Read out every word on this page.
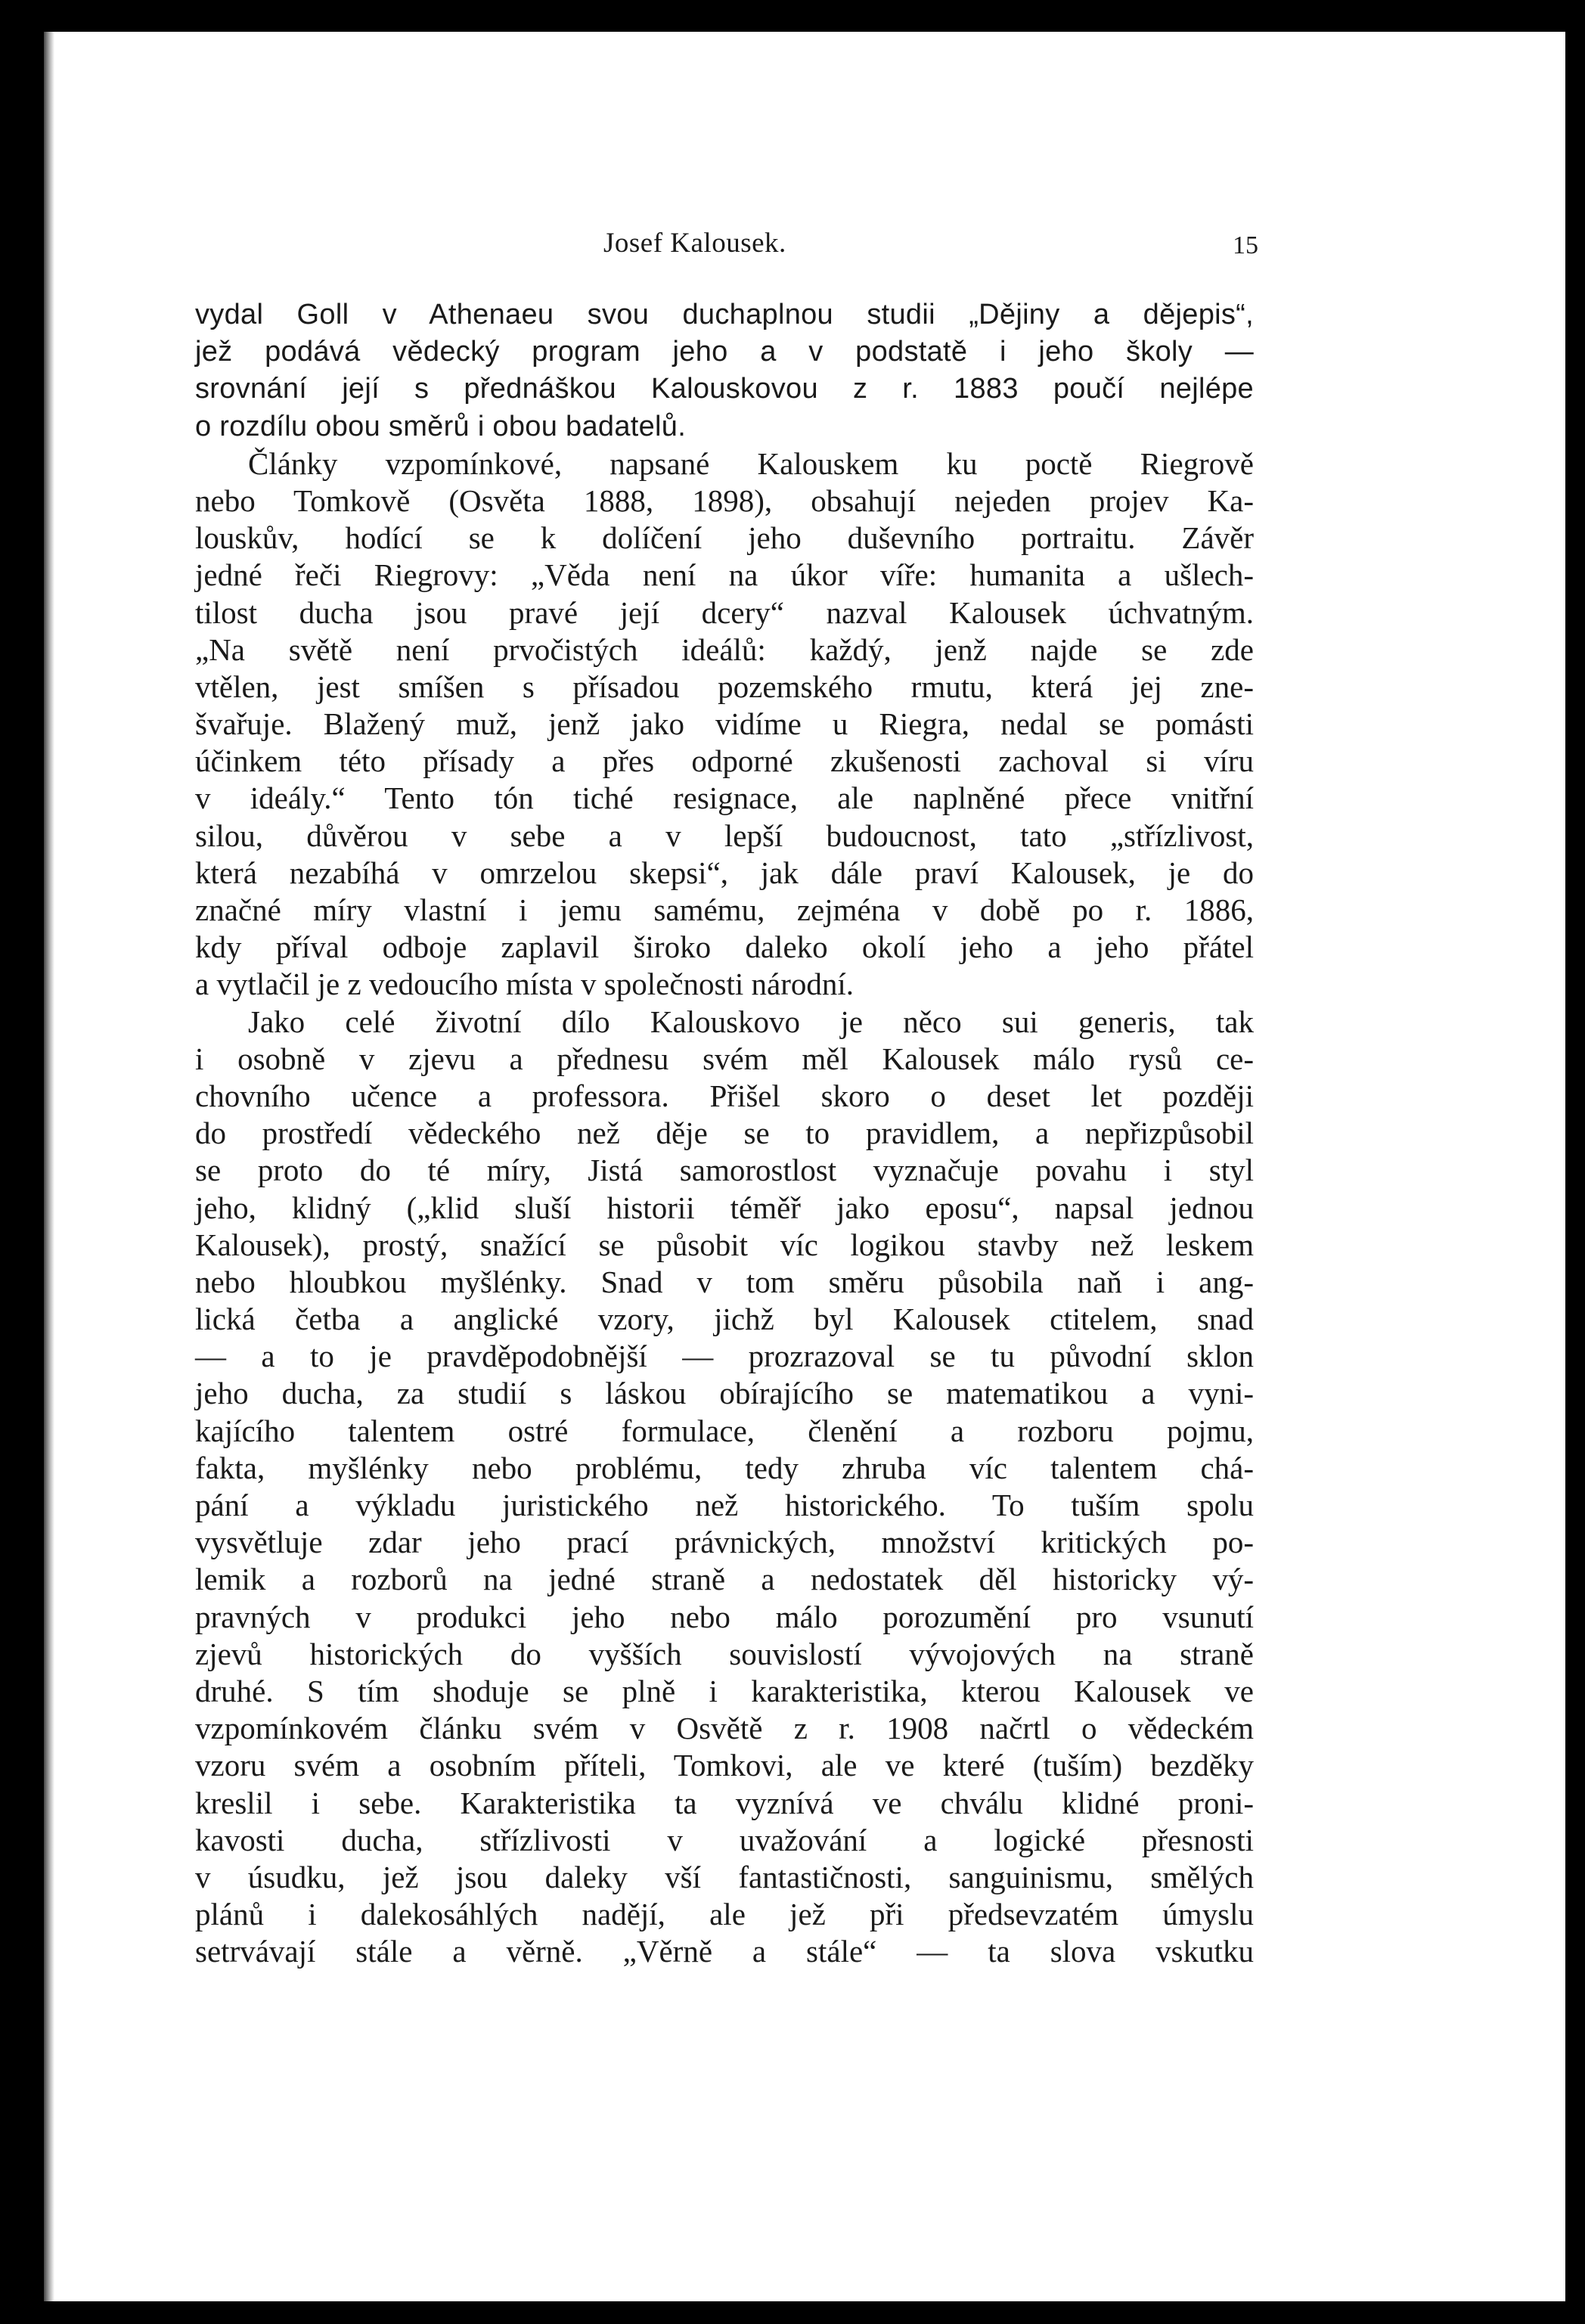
Josef Kalousek.	15
vydal Goll v Athenaeu svou duchaplnou studii „Dějiny a dějepis“,
jež podává vědecký program jeho a v podstatě i jeho školy —
srovnání její s přednáškou Kalouskovou z r. 1883 poučí nejlépe
o rozdílu obou směrů i obou badatelů.
Články vzpomínkové, napsané Kalouskem ku poctě Riegrově
nebo Tomkově (Osvěta 1888, 1898), obsahují nejeden projev Ka-
louskův, hodící se k dolíčení jeho duševního portraitu. Závěr
jedné řeči Riegrovy: „Věda není na úkor víře: humanita a ušlech-
tilost ducha jsou pravé její dcery“ nazval Kalousek úchvatným.
„Na světě není prvočistých ideálů: každý, jenž najde se zde
vtělen, jest smíšen s přísadou pozemského rmutu, která jej zne-
švařuje. Blažený muž, jenž jako vidíme u Riegra, nedal se pomásti
účinkem této přísady a přes odporné zkušenosti zachoval si víru
v ideály.“ Tento tón tiché resignace, ale naplněné přece vnitřní
silou, důvěrou v sebe a v lepší budoucnost, tato „střízlivost,
která nezabíhá v omrzelou skepsi“, jak dále praví Kalousek, je do
značné míry vlastní i jemu samému, zejména v době po r. 1886,
kdy příval odboje zaplavil široko daleko okolí jeho a jeho přátel
a vytlačil je z vedoucího místa v společnosti národní.
Jako celé životní dílo Kalouskovo je něco sui generis, tak
i osobně v zjevu a přednesu svém měl Kalousek málo rysů ce-
chovního učence a professora. Přišel skoro o deset let později
do prostředí vědeckého než děje se to pravidlem, a nepřizpůsobil
se proto do té míry, Jistá samorostlost vyznačuje povahu i styl
jeho, klidný („klid sluší historii téměř jako eposu“, napsal jednou
Kalousek), prostý, snažící se působit víc logikou stavby než leskem
nebo hloubkou myšlénky. Snad v tom směru působila naň i ang-
lická četba a anglické vzory, jichž byl Kalousek ctitelem, snad
— a to je pravděpodobnější — prozrazoval se tu původní sklon
jeho ducha, za studií s láskou obírajícího se matematikou a vyni-
kajícího talentem ostré formulace, členění a rozboru pojmu,
fakta, myšlénky nebo problému, tedy zhruba víc talentem chá-
pání a výkladu juristického než historického. To tuším spolu
vysvětluje zdar jeho prací právnických, množství kritických po-
lemik a rozborů na jedné straně a nedostatek děl historicky vý-
pravných v produkci jeho nebo málo porozumění pro vsunutí
zjevů historických do vyšších souvislostí vývojových na straně
druhé. S tím shoduje se plně i karakteristika, kterou Kalousek ve
vzpomínkovém článku svém v Osvětě z r. 1908 načrtl o vědeckém
vzoru svém a osobním příteli, Tomkovi, ale ve které (tuším) bezděky
kreslil i sebe. Karakteristika ta vyznívá ve chválu klidné proni-
kavosti ducha, střízlivosti v uvažování a logické přesnosti
v úsudku, jež jsou daleky vší fantastičnosti, sanguinismu, smělých
plánů i dalekosáhlých nadějí, ale jež při předsevzatém úmyslu
setrvávají stále a věrně. „Věrně a stále“ — ta slova vskutku
